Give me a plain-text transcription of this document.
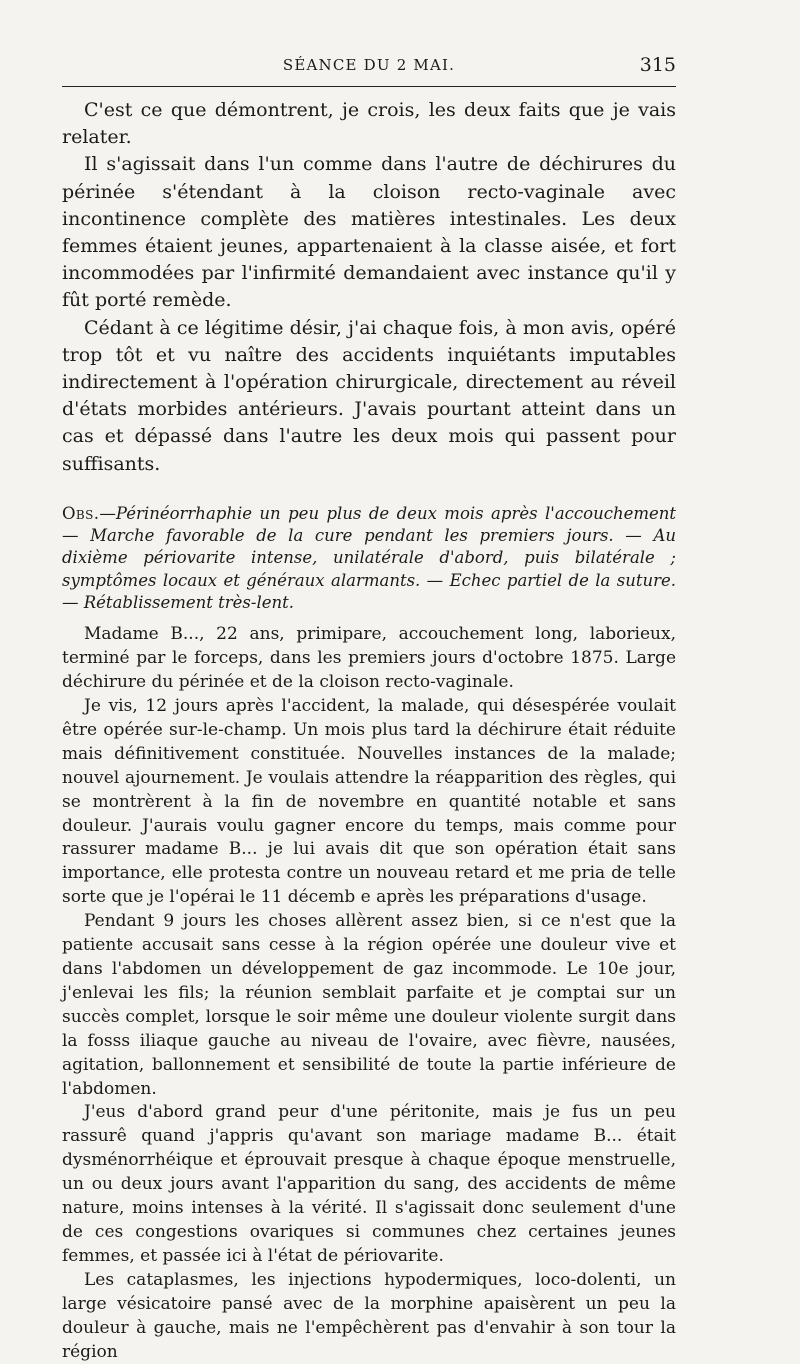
SÉANCE DU 2 MAI.	315

C'est ce que démontrent, je crois, les deux faits que je vais relater.

Il s'agissait dans l'un comme dans l'autre de déchirures du périnée s'étendant à la cloison recto-vaginale avec incontinence complète des matières intestinales. Les deux femmes étaient jeunes, appartenaient à la classe aisée, et fort incommodées par l'infirmité demandaient avec instance qu'il y fût porté remède.

Cédant à ce légitime désir, j'ai chaque fois, à mon avis, opéré trop tôt et vu naître des accidents inquiétants imputables indirectement à l'opération chirurgicale, directement au réveil d'états morbides antérieurs. J'avais pourtant atteint dans un cas et dépassé dans l'autre les deux mois qui passent pour suffisants.

Obs.—Périnéorrhaphie un peu plus de deux mois après l'accouchement — Marche favorable de la cure pendant les premiers jours. — Au dixième périovarite intense, unilatérale d'abord, puis bilatérale ; symptômes locaux et généraux alarmants. — Echec partiel de la suture. — Rétablissement très-lent.

Madame B..., 22 ans, primipare, accouchement long, laborieux, terminé par le forceps, dans les premiers jours d'octobre 1875. Large déchirure du périnée et de la cloison recto-vaginale.

Je vis, 12 jours après l'accident, la malade, qui désespérée voulait être opérée sur-le-champ. Un mois plus tard la déchirure était réduite mais définitivement constituée. Nouvelles instances de la malade; nouvel ajournement. Je voulais attendre la réapparition des règles, qui se montrèrent à la fin de novembre en quantité notable et sans douleur. J'aurais voulu gagner encore du temps, mais comme pour rassurer madame B... je lui avais dit que son opération était sans importance, elle protesta contre un nouveau retard et me pria de telle sorte que je l'opérai le 11 décemb e après les préparations d'usage.

Pendant 9 jours les choses allèrent assez bien, si ce n'est que la patiente accusait sans cesse à la région opérée une douleur vive et dans l'abdomen un développement de gaz incommode. Le 10e jour, j'enlevai les fils; la réunion semblait parfaite et je comptai sur un succès complet, lorsque le soir même une douleur violente surgit dans la fosss iliaque gauche au niveau de l'ovaire, avec fièvre, nausées, agitation, ballonnement et sensibilité de toute la partie inférieure de l'abdomen.

J'eus d'abord grand peur d'une péritonite, mais je fus un peu rassurê quand j'appris qu'avant son mariage madame B... était dysménorrhéique et éprouvait presque à chaque époque menstruelle, un ou deux jours avant l'apparition du sang, des accidents de même nature, moins intenses à la vérité. Il s'agissait donc seulement d'une de ces congestions ovariques si communes chez certaines jeunes femmes, et passée ici à l'état de périovarite.

Les cataplasmes, les injections hypodermiques, loco-dolenti, un large vésicatoire pansé avec de la morphine apaisèrent un peu la douleur à gauche, mais ne l'empêchèrent pas d'envahir à son tour la région
